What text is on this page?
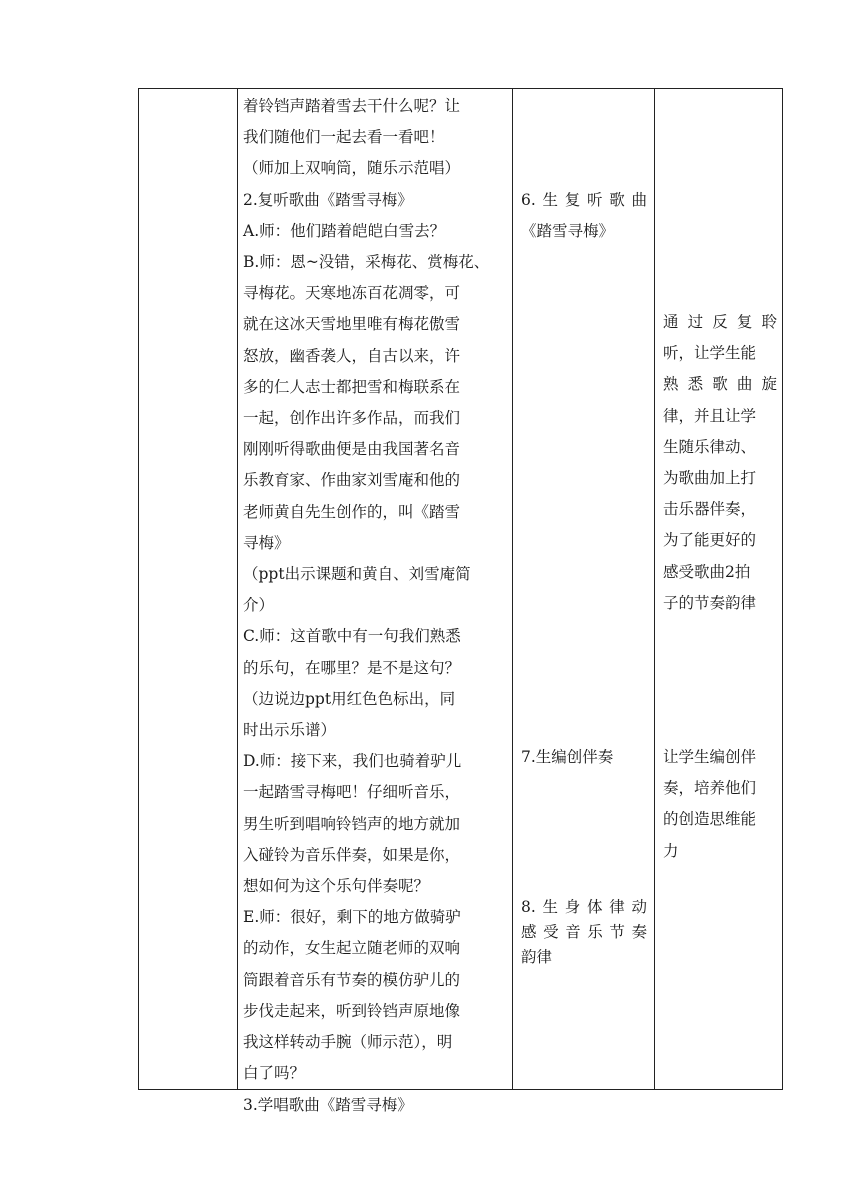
着铃铛声踏着雪去干什么呢？让

我们随他们一起去看一看吧！

（师加上双响筒，随乐示范唱）

2.复听歌曲《踏雪寻梅》

A.师：他们踏着皑皑白雪去？

B.师：恩~没错，采梅花、赏梅花、

寻梅花。天寒地冻百花凋零，可

就在这冰天雪地里唯有梅花傲雪

怒放，幽香袭人，自古以来，许

多的仁人志士都把雪和梅联系在

一起，创作出许多作品，而我们

刚刚听得歌曲便是由我国著名音

乐教育家、作曲家刘雪庵和他的

老师黄自先生创作的，叫《踏雪

寻梅》

（ppt出示课题和黄自、刘雪庵简

介）

C.师：这首歌中有一句我们熟悉

的乐句，在哪里？是不是这句？

（边说边ppt用红色色标出，同

时出示乐谱）

D.师：接下来，我们也骑着驴儿

一起踏雪寻梅吧！仔细听音乐，

男生听到唱响铃铛声的地方就加

入碰铃为音乐伴奏，如果是你，

想如何为这个乐句伴奏呢？

E.师：很好，剩下的地方做骑驴

的动作，女生起立随老师的双响

筒跟着音乐有节奏的模仿驴儿的

步伐走起来，听到铃铛声原地像

我这样转动手腕（师示范），明

白了吗？

3.学唱歌曲《踏雪寻梅》

6.生复听歌曲

《踏雪寻梅》

7.生编创伴奏

8.生身体律动

感受音乐节奏

韵律

通过反复聆

听，让学生能

熟悉歌曲旋

律，并且让学

生随乐律动、

为歌曲加上打

击乐器伴奏，

为了能更好的

感受歌曲2拍

子的节奏韵律

让学生编创伴

奏，培养他们

的创造思维能

力
